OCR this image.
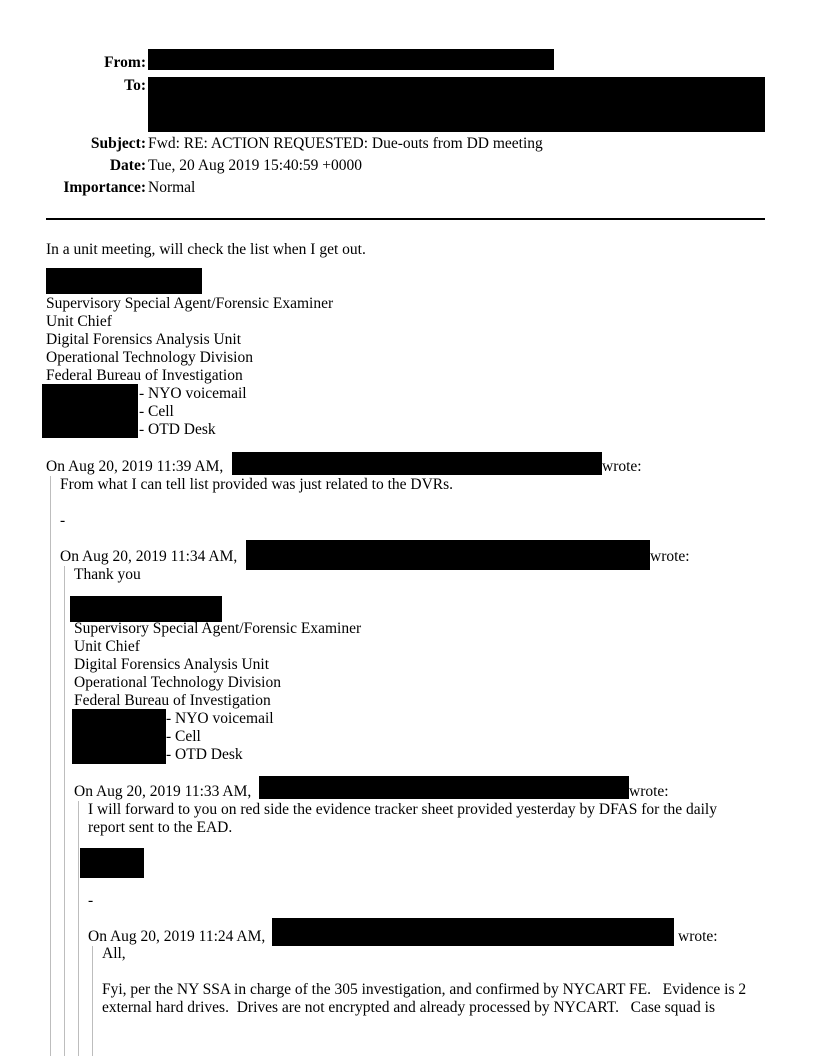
From:
To:
Subject: Fwd: RE: ACTION REQUESTED: Due-outs from DD meeting
Date: Tue, 20 Aug 2019 15:40:59 +0000
Importance: Normal
In a unit meeting, will check the list when I get out.
Supervisory Special Agent/Forensic Examiner
Unit Chief
Digital Forensics Analysis Unit
Operational Technology Division
Federal Bureau of Investigation
- NYO voicemail
- Cell
- OTD Desk
On Aug 20, 2019 11:39 AM,	wrote:
From what I can tell list provided was just related to the DVRs.
-
On Aug 20, 2019 11:34 AM,	wrote:
Thank you
Supervisory Special Agent/Forensic Examiner
Unit Chief
Digital Forensics Analysis Unit
Operational Technology Division
Federal Bureau of Investigation
- NYO voicemail
- Cell
- OTD Desk
On Aug 20, 2019 11:33 AM,	wrote:
I will forward to you on red side the evidence tracker sheet provided yesterday by DFAS for the daily
report sent to the EAD.
-
On Aug 20, 2019 11:24 AM,	wrote:
All,
Fyi, per the NY SSA in charge of the 305 investigation, and confirmed by NYCART FE.   Evidence is 2
external hard drives.  Drives are not encrypted and already processed by NYCART.   Case squad is
